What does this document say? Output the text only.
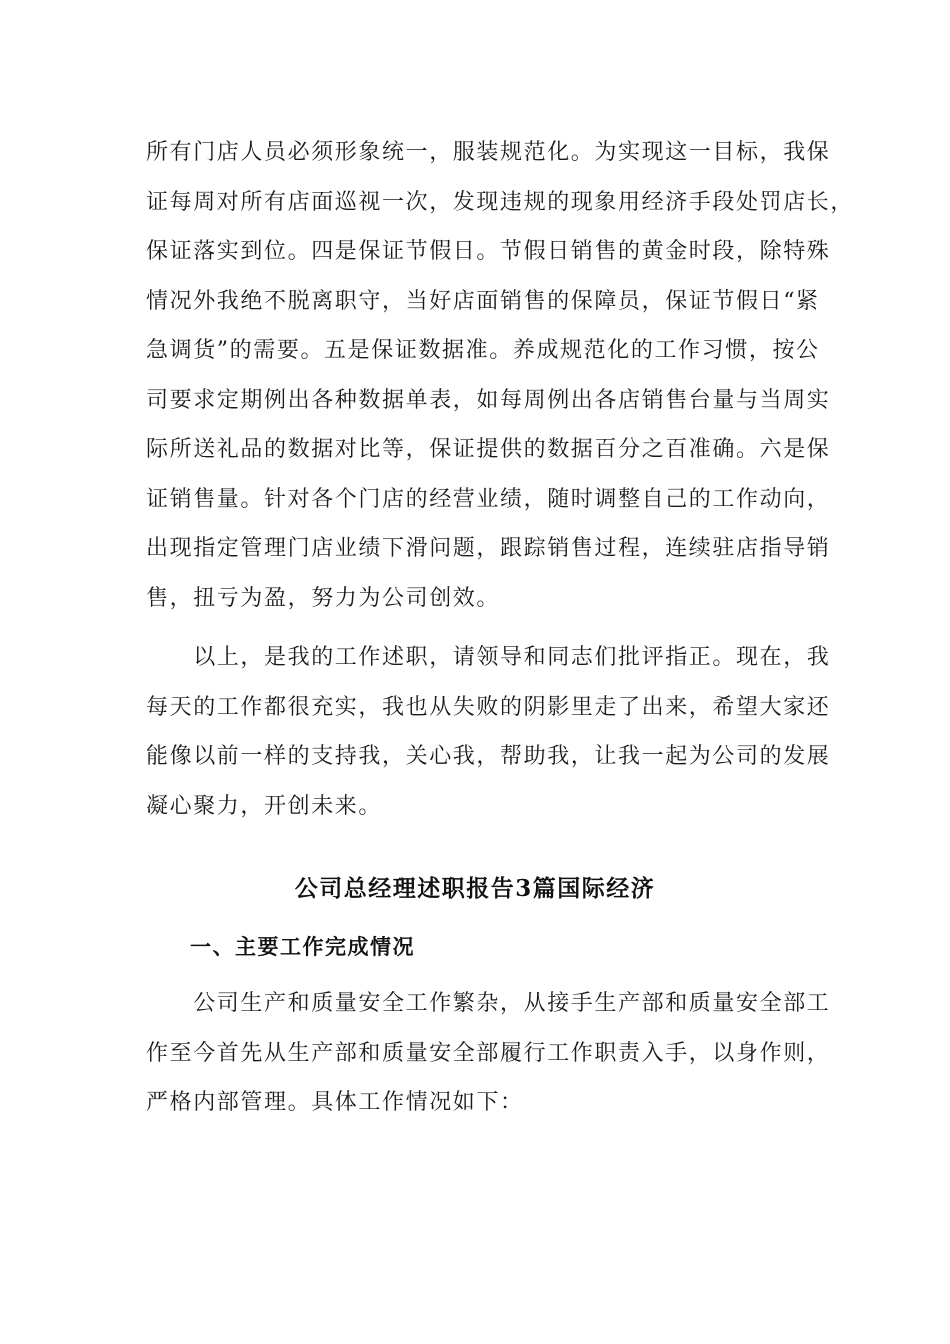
所有门店人员必须形象统一，服装规范化。为实现这一目标，我保
证每周对所有店面巡视一次，发现违规的现象用经济手段处罚店长，
保证落实到位。四是保证节假日。节假日销售的黄金时段，除特殊
情况外我绝不脱离职守，当好店面销售的保障员，保证节假日“紧
急调货”的需要。五是保证数据准。养成规范化的工作习惯，按公
司要求定期例出各种数据单表，如每周例出各店销售台量与当周实
际所送礼品的数据对比等，保证提供的数据百分之百准确。六是保
证销售量。针对各个门店的经营业绩，随时调整自己的工作动向，
出现指定管理门店业绩下滑问题，跟踪销售过程，连续驻店指导销
售，扭亏为盈，努力为公司创效。
　　以上，是我的工作述职，请领导和同志们批评指正。现在，我
每天的工作都很充实，我也从失败的阴影里走了出来，希望大家还
能像以前一样的支持我，关心我，帮助我，让我一起为公司的发展
凝心聚力，开创未来。
公司总经理述职报告3篇国际经济
一、主要工作完成情况
　　公司生产和质量安全工作繁杂，从接手生产部和质量安全部工
作至今首先从生产部和质量安全部履行工作职责入手，以身作则，
严格内部管理。具体工作情况如下：
